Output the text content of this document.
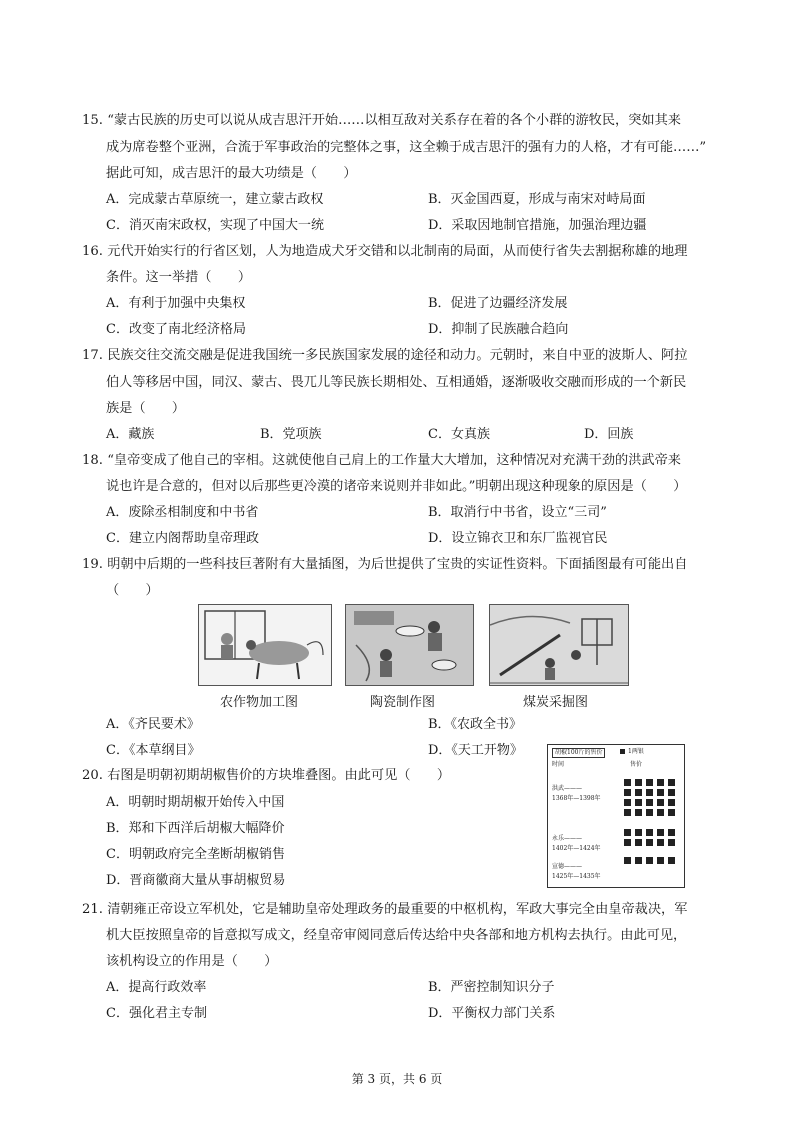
15. “蒙古民族的历史可以说从成吉思汗开始……以相互敌对关系存在着的各个小群的游牧民，突如其来
成为席卷整个亚洲，合流于军事政治的完整体之事，这全赖于成吉思汗的强有力的人格，才有可能……”
据此可知，成吉思汗的最大功绩是（　　）
A．完成蒙古草原统一，建立蒙古政权	B．灭金国西夏，形成与南宋对峙局面
C．消灭南宋政权，实现了中国大一统	D．采取因地制官措施，加强治理边疆
16. 元代开始实行的行省区划，人为地造成犬牙交错和以北制南的局面，从而使行省失去割据称雄的地理
条件。这一举措（　　）
A．有利于加强中央集权	B．促进了边疆经济发展
C．改变了南北经济格局	D．抑制了民族融合趋向
17. 民族交往交流交融是促进我国统一多民族国家发展的途径和动力。元朝时，来自中亚的波斯人、阿拉
伯人等移居中国，同汉、蒙古、畏兀儿等民族长期相处、互相通婚，逐渐吸收交融而形成的一个新民
族是（　　）
A．藏族	B．党项族	C．女真族	D．回族
18. “皇帝变成了他自己的宰相。这就使他自己肩上的工作量大大增加，这种情况对充满干劲的洪武帝来
说也许是合意的，但对以后那些更冷漠的诸帝来说则并非如此。”明朝出现这种现象的原因是（　　）
A．废除丞相制度和中书省	B．取消行中书省，设立“三司”
C．建立内阁帮助皇帝理政	D．设立锦衣卫和东厂监视官民
19. 明朝中后期的一些科技巨著附有大量插图，为后世提供了宝贵的实证性资料。下面插图最有可能出自
（　　）
农作物加工图	陶瓷制作图	煤炭采掘图
A．《齐民要术》	B．《农政全书》
C．《本草纲目》	D．《天工开物》
20. 右图是明朝初期胡椒售价的方块堆叠图。由此可见（　　）
A．明朝时期胡椒开始传入中国
B．郑和下西洋后胡椒大幅降价
C．明朝政府完全垄断胡椒销售
D．晋商徽商大量从事胡椒贸易
胡椒100斤的售价	1两银
时间	售价
洪武———
1368年—1398年
永乐———
1402年—1424年
宣德———
1425年—1435年
21. 清朝雍正帝设立军机处，它是辅助皇帝处理政务的最重要的中枢机构，军政大事完全由皇帝裁决，军
机大臣按照皇帝的旨意拟写成文，经皇帝审阅同意后传达给中央各部和地方机构去执行。由此可见，
该机构设立的作用是（　　）
A．提高行政效率	B．严密控制知识分子
C．强化君主专制	D．平衡权力部门关系
第 3 页，共 6 页
